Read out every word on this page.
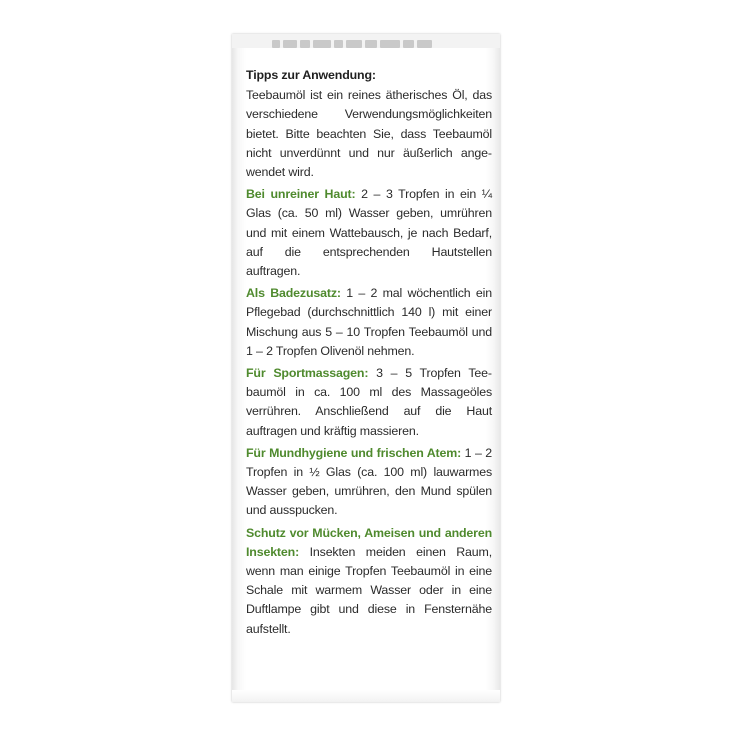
Tipps zur Anwendung:

Teebaumöl ist ein reines ätherisches Öl, das verschiedene Verwendungsmöglichkeiten bietet. Bitte beachten Sie, dass Teebaumöl nicht unverdünnt und nur äußerlich angewendet wird.

Bei unreiner Haut: 2 – 3 Tropfen in ein ¼ Glas (ca. 50 ml) Wasser geben, umrühren und mit einem Wattebausch, je nach Bedarf, auf die entsprechenden Hautstellen auftragen.

Als Badezusatz: 1 – 2 mal wöchentlich ein Pflegebad (durchschnittlich 140 l) mit einer Mischung aus 5 – 10 Tropfen Teebaumöl und 1 – 2 Tropfen Olivenöl nehmen.

Für Sportmassagen: 3 – 5 Tropfen Teebaumöl in ca. 100 ml des Massageöles verrühren. Anschließend auf die Haut auftragen und kräftig massieren.

Für Mundhygiene und frischen Atem: 1 – 2 Tropfen in ½ Glas (ca. 100 ml) lauwarmes Wasser geben, umrühren, den Mund spülen und ausspucken.

Schutz vor Mücken, Ameisen und anderen Insekten: Insekten meiden einen Raum, wenn man einige Tropfen Teebaumöl in eine Schale mit warmem Wasser oder in eine Duftlampe gibt und diese in Fensternähe aufstellt.
